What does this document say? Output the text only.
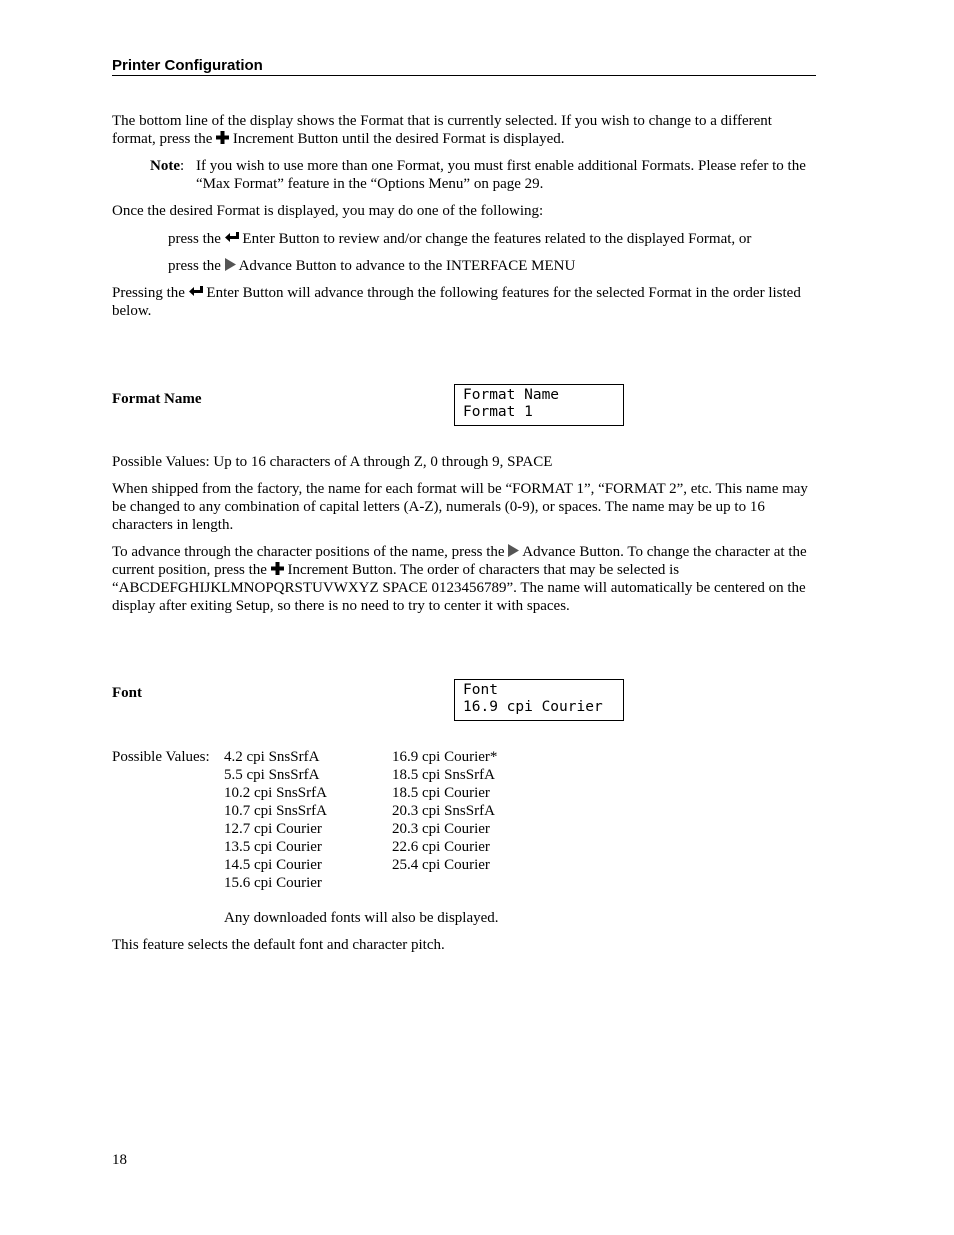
Printer Configuration
The bottom line of the display shows the Format that is currently selected. If you wish to change to a different format, press the Increment Button until the desired Format is displayed.
Note: If you wish to use more than one Format, you must first enable additional Formats. Please refer to the “Max Format” feature in the “Options Menu” on page 29.
Once the desired Format is displayed, you may do one of the following:
press the Enter Button to review and/or change the features related to the displayed Format, or
press the Advance Button to advance to the INTERFACE MENU
Pressing the Enter Button will advance through the following features for the selected Format in the order listed below.
Format Name	Format Name
Format 1
Possible Values: Up to 16 characters of A through Z, 0 through 9, SPACE
When shipped from the factory, the name for each format will be “FORMAT 1”, “FORMAT 2”, etc. This name may be changed to any combination of capital letters (A-Z), numerals (0-9), or spaces. The name may be up to 16 characters in length.
To advance through the character positions of the name, press the Advance Button. To change the character at the current position, press the Increment Button. The order of characters that may be selected is “ABCDEFGHIJKLMNOPQRSTUVWXYZ SPACE 0123456789”. The name will automatically be centered on the display after exiting Setup, so there is no need to try to center it with spaces.
Font	Font
16.9 cpi Courier
Possible Values: 4.2 cpi SnsSrfA
5.5 cpi SnsSrfA
10.2 cpi SnsSrfA
10.7 cpi SnsSrfA
12.7 cpi Courier
13.5 cpi Courier
14.5 cpi Courier
15.6 cpi Courier
16.9 cpi Courier*
18.5 cpi SnsSrfA
18.5 cpi Courier
20.3 cpi SnsSrfA
20.3 cpi Courier
22.6 cpi Courier
25.4 cpi Courier
Any downloaded fonts will also be displayed.
This feature selects the default font and character pitch.
18
